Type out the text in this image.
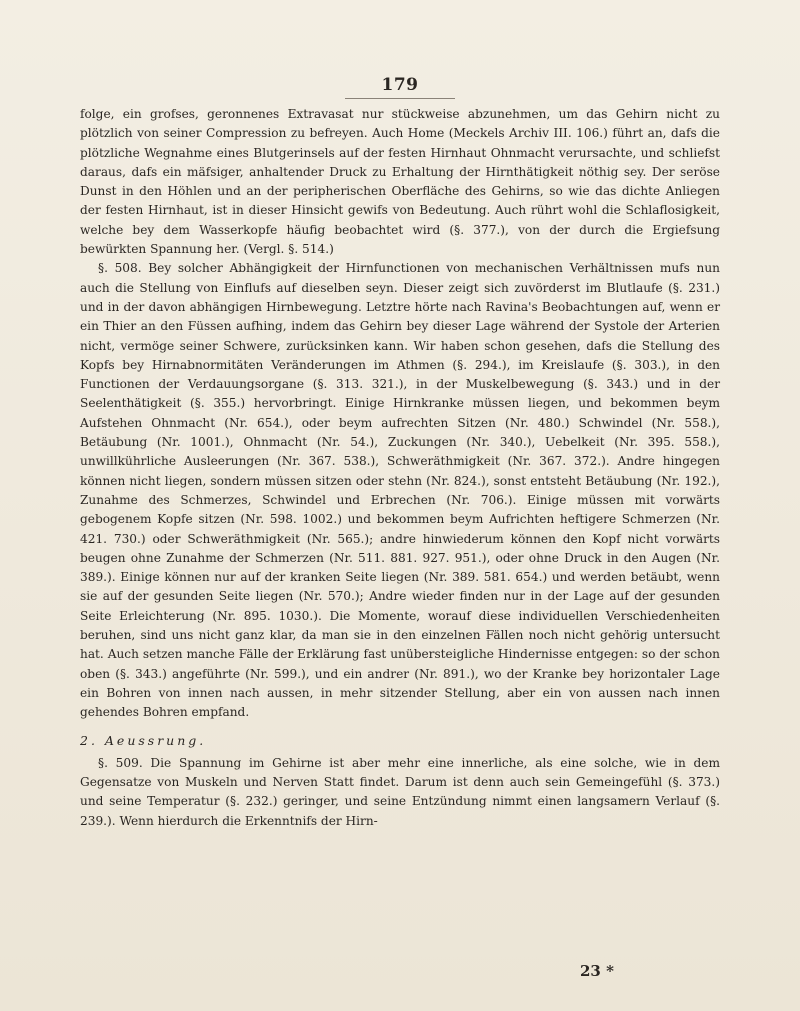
179

folge, ein grofses, geronnenes Extravasat nur stückweise abzunehmen, um das Gehirn nicht zu plötzlich von seiner Compression zu befreyen. Auch Home (Meckels Archiv III. 106.) führt an, dafs die plötzliche Wegnahme eines Blutgerinsels auf der festen Hirnhaut Ohnmacht verursachte, und schliefst daraus, dafs ein mäfsiger, anhaltender Druck zu Erhaltung der Hirnthätigkeit nöthig sey. Der seröse Dunst in den Höhlen und an der peripherischen Oberfläche des Gehirns, so wie das dichte Anliegen der festen Hirnhaut, ist in dieser Hinsicht gewifs von Bedeutung. Auch rührt wohl die Schlaflosigkeit, welche bey dem Wasserkopfe häufig beobachtet wird (§. 377.), von der durch die Ergiefsung bewürkten Spannung her. (Vergl. §. 514.)

§. 508. Bey solcher Abhängigkeit der Hirnfunctionen von mechanischen Verhältnissen mufs nun auch die Stellung von Einflufs auf dieselben seyn. Dieser zeigt sich zuvörderst im Blutlaufe (§. 231.) und in der davon abhängigen Hirnbewegung. Letztre hörte nach Ravina's Beobachtungen auf, wenn er ein Thier an den Füssen aufhing, indem das Gehirn bey dieser Lage während der Systole der Arterien nicht, vermöge seiner Schwere, zurücksinken kann. Wir haben schon gesehen, dafs die Stellung des Kopfs bey Hirnabnormitäten Veränderungen im Athmen (§. 294.), im Kreislaufe (§. 303.), in den Functionen der Verdauungsorgane (§. 313. 321.), in der Muskelbewegung (§. 343.) und in der Seelenthätigkeit (§. 355.) hervorbringt. Einige Hirnkranke müssen liegen, und bekommen beym Aufstehen Ohnmacht (Nr. 654.), oder beym aufrechten Sitzen (Nr. 480.) Schwindel (Nr. 558.), Betäubung (Nr. 1001.), Ohnmacht (Nr. 54.), Zuckungen (Nr. 340.), Uebelkeit (Nr. 395. 558.), unwillkührliche Ausleerungen (Nr. 367. 538.), Schweräthmigkeit (Nr. 367. 372.). Andre hingegen können nicht liegen, sondern müssen sitzen oder stehn (Nr. 824.), sonst entsteht Betäubung (Nr. 192.), Zunahme des Schmerzes, Schwindel und Erbrechen (Nr. 706.). Einige müssen mit vorwärts gebogenem Kopfe sitzen (Nr. 598. 1002.) und bekommen beym Aufrichten heftigere Schmerzen (Nr. 421. 730.) oder Schweräthmigkeit (Nr. 565.); andre hinwiederum können den Kopf nicht vorwärts beugen ohne Zunahme der Schmerzen (Nr. 511. 881. 927. 951.), oder ohne Druck in den Augen (Nr. 389.). Einige können nur auf der kranken Seite liegen (Nr. 389. 581. 654.) und werden betäubt, wenn sie auf der gesunden Seite liegen (Nr. 570.); Andre wieder finden nur in der Lage auf der gesunden Seite Erleichterung (Nr. 895. 1030.). Die Momente, worauf diese individuellen Verschiedenheiten beruhen, sind uns nicht ganz klar, da man sie in den einzelnen Fällen noch nicht gehörig untersucht hat. Auch setzen manche Fälle der Erklärung fast unübersteigliche Hindernisse entgegen: so der schon oben (§. 343.) angeführte (Nr. 599.), und ein andrer (Nr. 891.), wo der Kranke bey horizontaler Lage ein Bohren von innen nach aussen, in mehr sitzender Stellung, aber ein von aussen nach innen gehendes Bohren empfand.

2. Aeussrung.

§. 509. Die Spannung im Gehirne ist aber mehr eine innerliche, als eine solche, wie in dem Gegensatze von Muskeln und Nerven Statt findet. Darum ist denn auch sein Gemeingefühl (§. 373.) und seine Temperatur (§. 232.) geringer, und seine Entzündung nimmt einen langsamern Verlauf (§. 239.). Wenn hierdurch die Erkenntnifs der Hirn-

23 *
